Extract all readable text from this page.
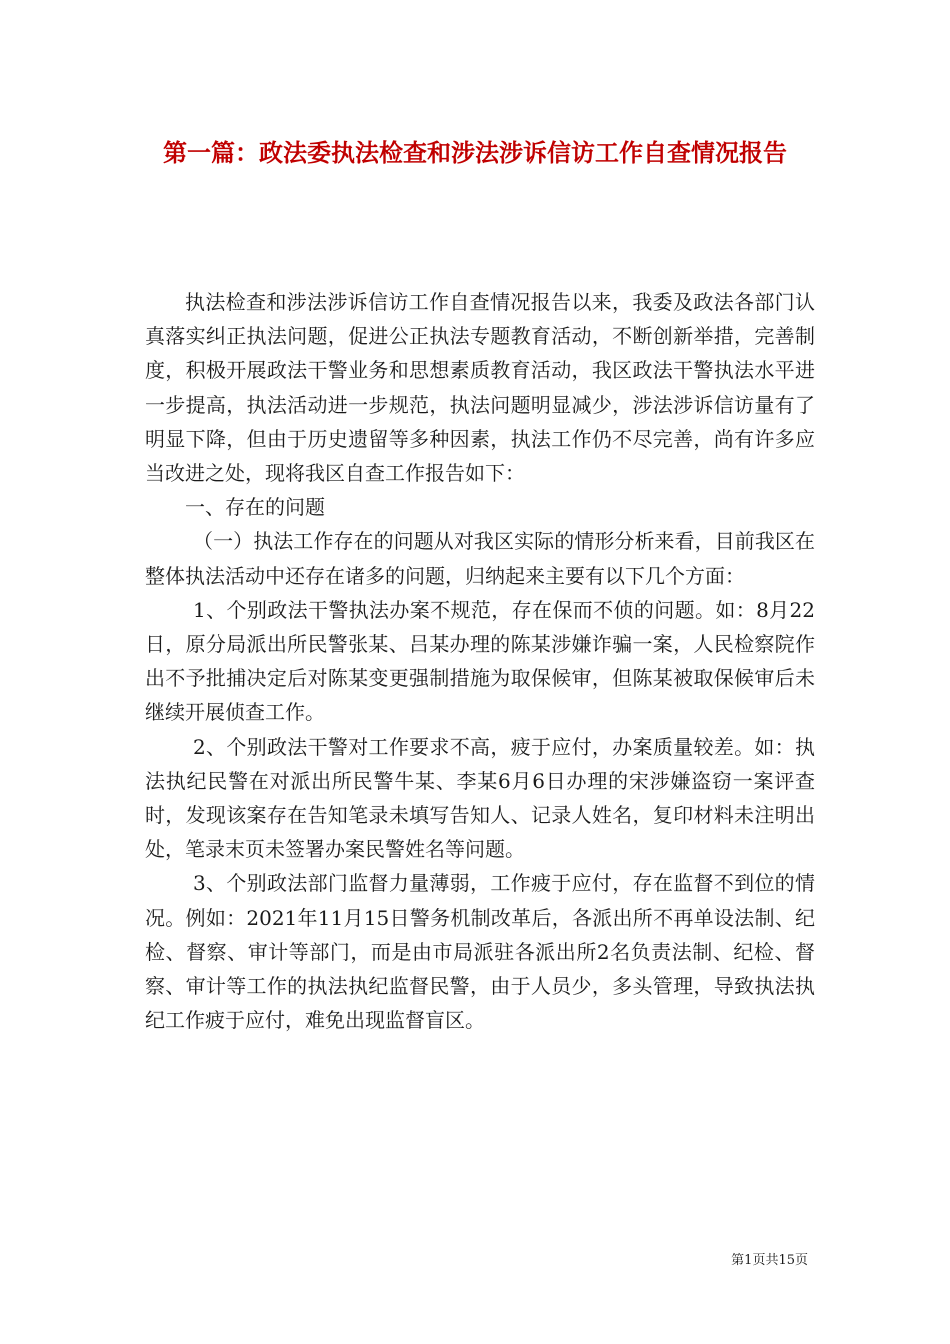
第一篇：政法委执法检查和涉法涉诉信访工作自查情况报告

执法检查和涉法涉诉信访工作自查情况报告以来，我委及政法各部门认真落实纠正执法问题，促进公正执法专题教育活动，不断创新举措，完善制度，积极开展政法干警业务和思想素质教育活动，我区政法干警执法水平进一步提高，执法活动进一步规范，执法问题明显减少，涉法涉诉信访量有了明显下降，但由于历史遗留等多种因素，执法工作仍不尽完善，尚有许多应当改进之处，现将我区自查工作报告如下：

一、存在的问题

（一）执法工作存在的问题从对我区实际的情形分析来看，目前我区在整体执法活动中还存在诸多的问题，归纳起来主要有以下几个方面：

1、个别政法干警执法办案不规范，存在保而不侦的问题。如：8月22日，原分局派出所民警张某、吕某办理的陈某涉嫌诈骗一案，人民检察院作出不予批捕决定后对陈某变更强制措施为取保候审，但陈某被取保候审后未继续开展侦查工作。

2、个别政法干警对工作要求不高，疲于应付，办案质量较差。如：执法执纪民警在对派出所民警牛某、李某6月6日办理的宋涉嫌盗窃一案评查时，发现该案存在告知笔录未填写告知人、记录人姓名，复印材料未注明出处，笔录末页未签署办案民警姓名等问题。

3、个别政法部门监督力量薄弱，工作疲于应付，存在监督不到位的情况。例如：2021年11月15日警务机制改革后，各派出所不再单设法制、纪检、督察、审计等部门，而是由市局派驻各派出所2名负责法制、纪检、督察、审计等工作的执法执纪监督民警，由于人员少，多头管理，导致执法执纪工作疲于应付，难免出现监督盲区。

第1页共15页
